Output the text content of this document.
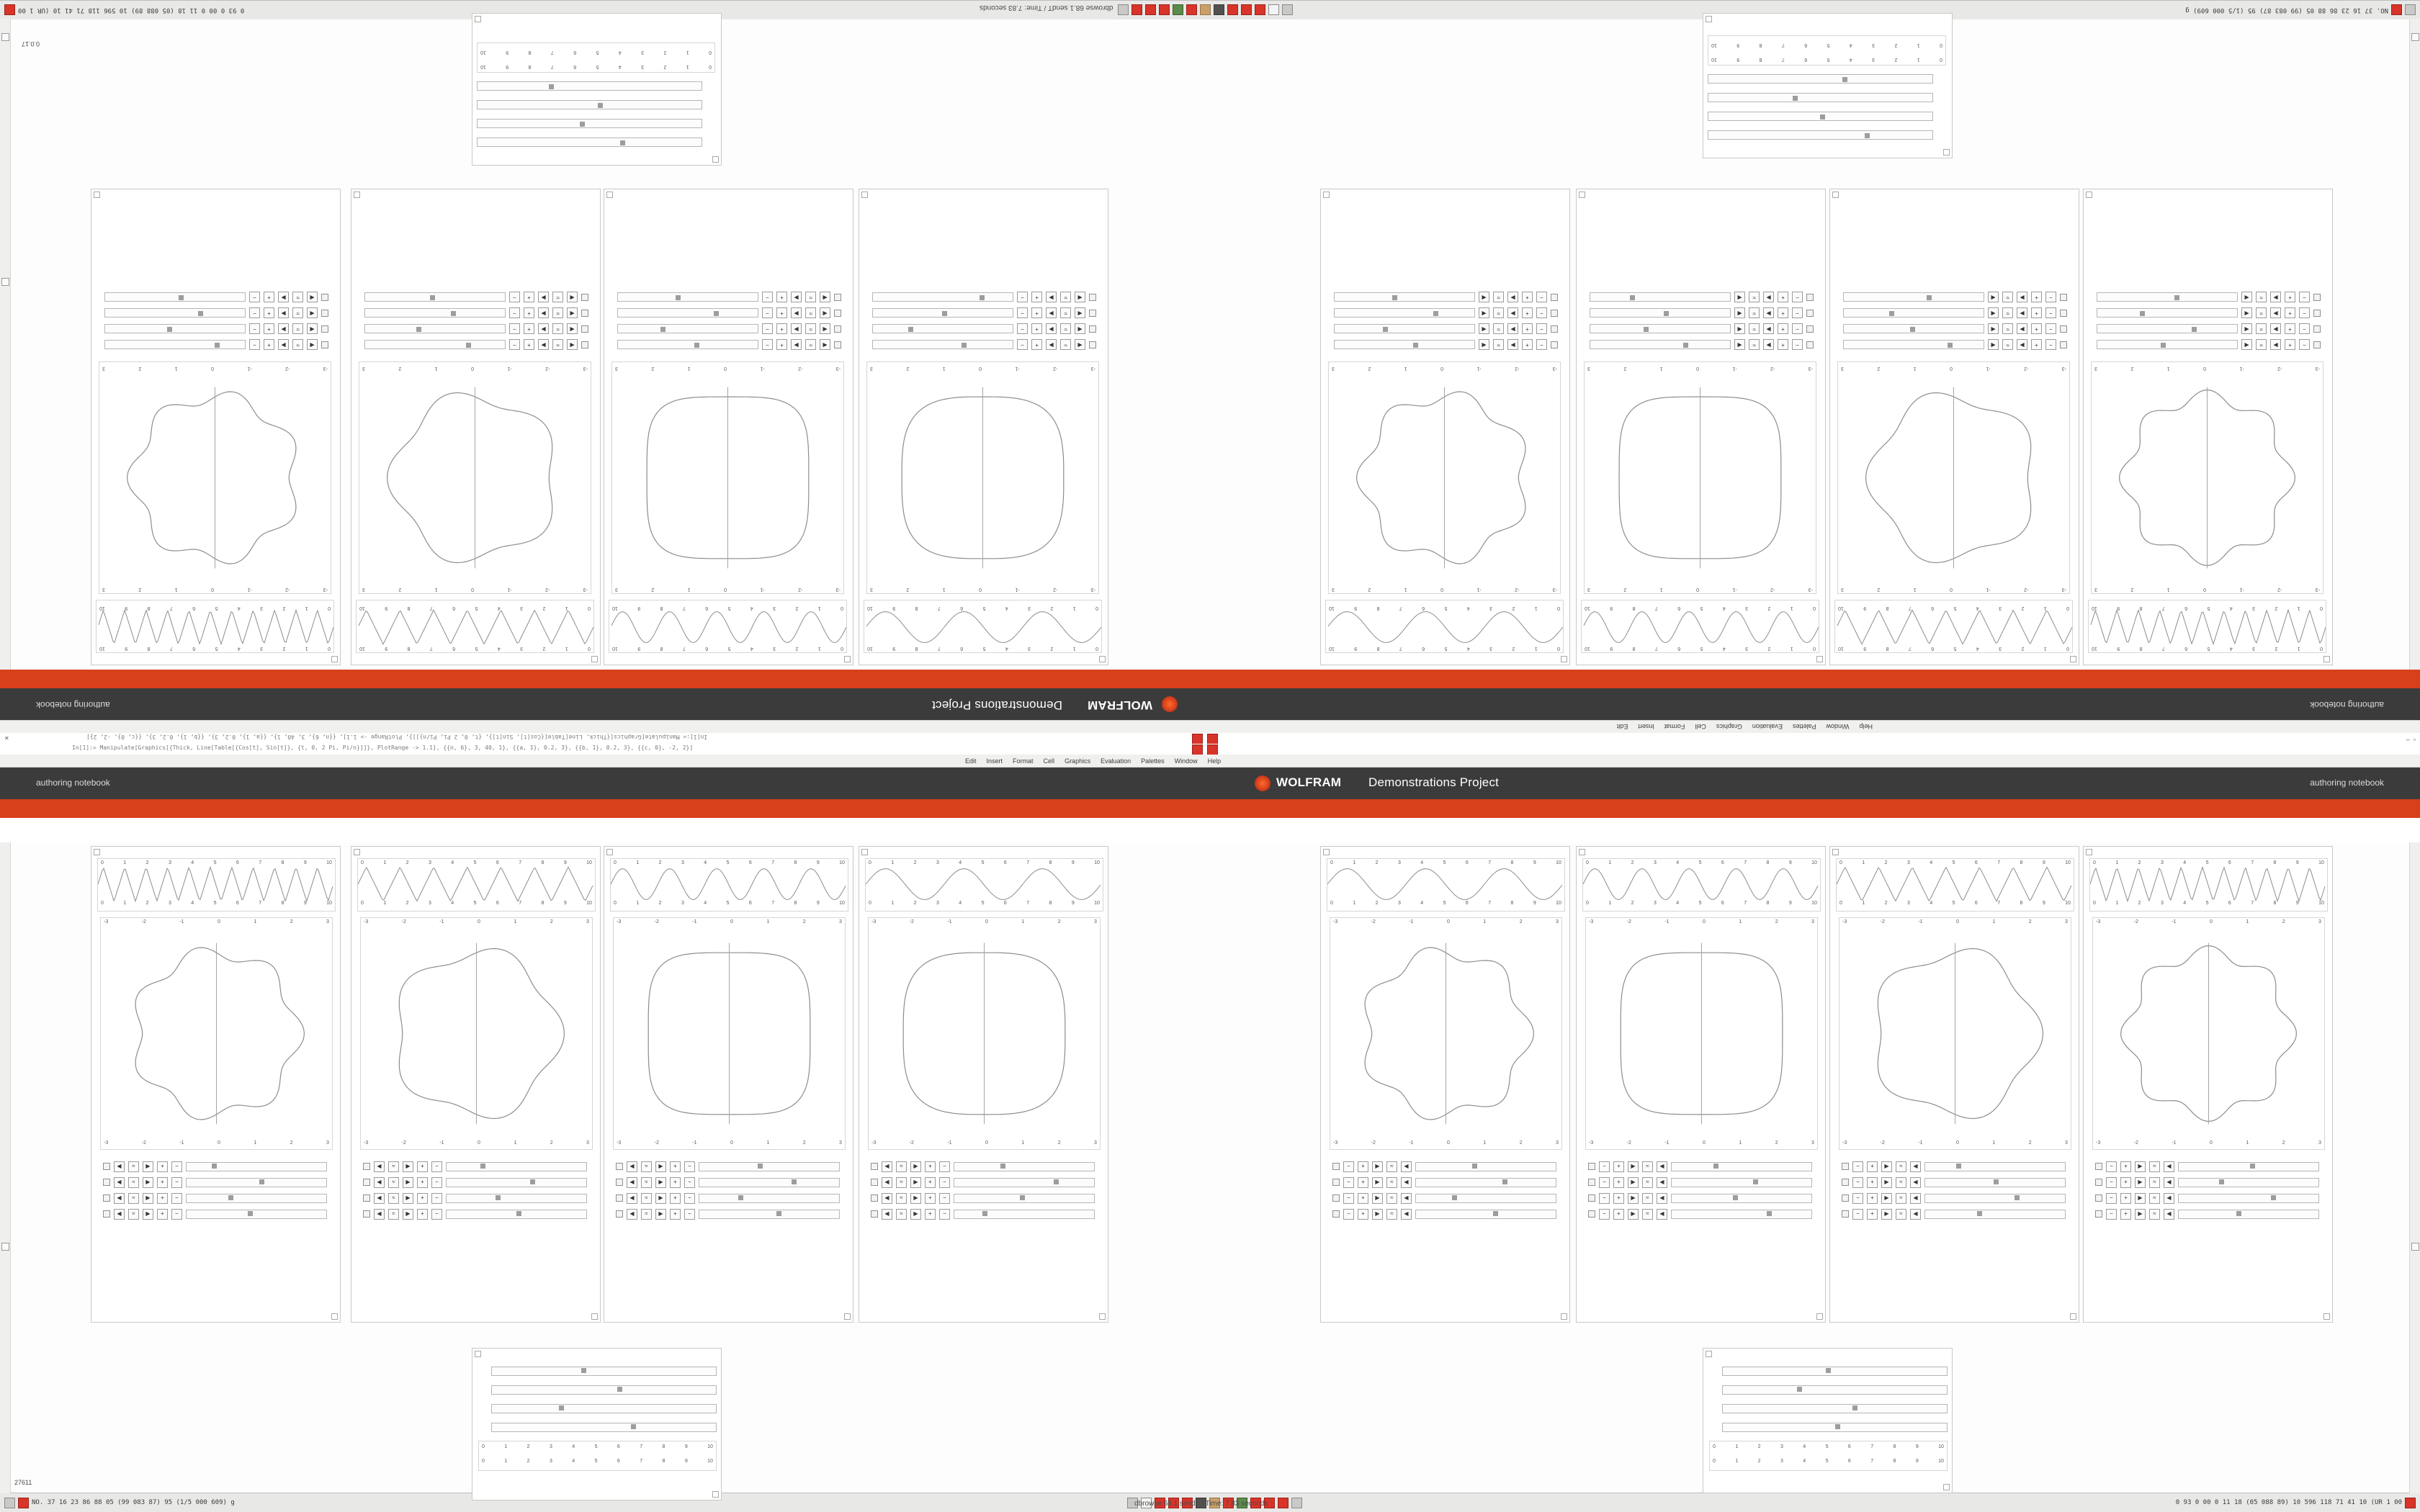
NO. 37 16 23 86 88 05 (99 083 87) 95 (1/5 000 609) g
0 93 0 00 0 11 18 (05 088 89) 10 596 118 71 41 10 (UR 1 00	dbrowse 68.1 sendT / Time: 7.83 seconds
NO. 37 16 23 86 88 05 (99 083 87) 95 (1/5 000 609) g	0 93 0 00 0 11 18 (05 088 89) 10 596 118 71 41 10 (UR 1 00
dbrowse 68.1 sendT / Time: 7.83 seconds
0.0.17
27611
WOLFRAM
Demonstrations Project	authoring notebook
authoring notebook
Help
Window
Palettes
Evaluation
Graphics
Cell
Format
Insert
Edit
In[1]:= Manipulate[Graphics[{Thick, Line[Table[{Cos[t], Sin[t]}, {t, 0, 2 Pi, Pi/n}]]}, PlotRange -> 1.1], {{n, 6}, 3, 40, 1}, {{a, 1}, 0.2, 3}, {{b, 1}, 0.2, 3}, {{c, 0}, -2, 2}]
✕	– ▫
In[1]:= Manipulate[Graphics[{Thick, Line[Table[{Cos[t], Sin[t]}, {t, 0, 2 Pi, Pi/n}]]}, PlotRange -> 1.1], {{n, 6}, 3, 40, 1}, {{a, 1}, 0.2, 3}, {{b, 1}, 0.2, 3}, {{c, 0}, -2, 2}]
Edit Insert Format Cell Graphics Evaluation Palettes Window Help
WOLFRAM Demonstrations Project
authoring notebook	authoring notebook
0
1
2
3
4
5
6
7
8
9
10
0
1
2
3
4
5
6
7
8
9
10
-3
-2
-1
0
1
2
3
-3
-2
-1
0
1
2
3
◀
≈
▶
+
−
◀
≈
▶
+
−
◀
≈
▶
+
−
◀
≈
▶
+
−
0
1
2
3
4
5
6
7
8
9
10
0
1
2
3
4
5
6
7
8
9
10
-3
-2
-1
0
1
2
3
-3
-2
-1
0
1
2
3
◀
≈
▶
+
−
◀
≈
▶
+
−
◀
≈
▶
+
−
◀
≈
▶
+
−
0
1
2
3
4
5
6
7
8
9
10
0
1
2
3
4
5
6
7
8
9
10
-3
-2
-1
0
1
2
3
-3
-2
-1
0
1
2
3
◀
≈
▶
+
−
◀
≈
▶
+
−
◀
≈
▶
+
−
◀
≈
▶
+
−
0
1
2
3
4
5
6
7
8
9
10
0
1
2
3
4
5
6
7
8
9
10
-3
-2
-1
0
1
2
3
-3
-2
-1
0
1
2
3
◀
≈
▶
+
−
◀
≈
▶
+
−
◀
≈
▶
+
−
◀
≈
▶
+
−
0
1
2
3
4
5
6
7
8
9
10
0
1
2
3
4
5
6
7
8
9
10
-3
-2
-1
0
1
2
3
-3
-2
-1
0
1
2
3
−
+
▶
≈
◀
−
+
▶
≈
◀
−
+
▶
≈
◀
−
+
▶
≈
◀
0
1
2
3
4
5
6
7
8
9
10
0
1
2
3
4
5
6
7
8
9
10
-3
-2
-1
0
1
2
3
-3
-2
-1
0
1
2
3
−
+
▶
≈
◀
−
+
▶
≈
◀
−
+
▶
≈
◀
−
+
▶
≈
◀
0
1
2
3
4
5
6
7
8
9
10
0
1
2
3
4
5
6
7
8
9
10
-3
-2
-1
0
1
2
3
-3
-2
-1
0
1
2
3
−
+
▶
≈
◀
−
+
▶
≈
◀
−
+
▶
≈
◀
−
+
▶
≈
◀
0
1
2
3
4
5
6
7
8
9
10
0
1
2
3
4
5
6
7
8
9
10
-3
-2
-1
0
1
2
3
-3
-2
-1
0
1
2
3
−
+
▶
≈
◀
−
+
▶
≈
◀
−
+
▶
≈
◀
−
+
▶
≈
◀
0	1	2	3	4	5	6	7	8	9	10
0	1	2	3	4	5	6	7	8	9	10
-3	-2	-1	0	1	2	3
-3	-2	-1	0	1	2	3
◀	≈	▶	+	−
◀	≈	▶	+	−
◀	≈	▶	+	−
◀	≈	▶	+	−
0	1	2	3	4	5	6	7	8	9	10
0	1	2	3	4	5	6	7	8	9	10
-3	-2	-1	0	1	2	3
-3	-2	-1	0	1	2	3
◀	≈	▶	+	−
◀	≈	▶	+	−
◀	≈	▶	+	−
◀	≈	▶	+	−
0	1	2	3	4	5	6	7	8	9	10
0	1	2	3	4	5	6	7	8	9	10
-3	-2	-1	0	1	2	3
-3	-2	-1	0	1	2	3
◀	≈	▶	+	−
◀	≈	▶	+	−
◀	≈	▶	+	−
◀	≈	▶	+	−
0	1	2	3	4	5	6	7	8	9	10
0	1	2	3	4	5	6	7	8	9	10
-3	-2	-1	0	1	2	3
-3	-2	-1	0	1	2	3
◀	≈	▶	+	−
◀	≈	▶	+	−
◀	≈	▶	+	−
◀	≈	▶	+	−
0	1	2	3	4	5	6	7	8	9	10
0	1	2	3	4	5	6	7	8	9	10
-3	-2	-1	0	1	2	3
-3	-2	-1	0	1	2	3
−	+	▶	≈	◀
−	+	▶	≈	◀
−	+	▶	≈	◀
−	+	▶	≈	◀
0	1	2	3	4	5	6	7	8	9	10
0	1	2	3	4	5	6	7	8	9	10
-3	-2	-1	0	1	2	3
-3	-2	-1	0	1	2	3
−	+	▶	≈	◀
−	+	▶	≈	◀
−	+	▶	≈	◀
−	+	▶	≈	◀
0	1	2	3	4	5	6	7	8	9	10
0	1	2	3	4	5	6	7	8	9	10
-3	-2	-1	0	1	2	3
-3	-2	-1	0	1	2	3
−	+	▶	≈	◀
−	+	▶	≈	◀
−	+	▶	≈	◀
−	+	▶	≈	◀
0	1	2	3	4	5	6	7	8	9	10
0	1	2	3	4	5	6	7	8	9	10
-3	-2	-1	0	1	2	3
-3	-2	-1	0	1	2	3
−	+	▶	≈	◀
−	+	▶	≈	◀
−	+	▶	≈	◀
−	+	▶	≈	◀
0
1
2
3
4
5
6
7
8
9
10
0
1
2
3
4
5
6
7
8
9
10
0
1
2
3
4
5
6
7
8
9
10
0
1
2
3
4
5
6
7
8
9
10
0	1	2	3	4	5	6	7	8	9	10
0	1	2	3	4	5	6	7	8	9	10
0	1	2	3	4	5	6	7	8	9	10
0	1	2	3	4	5	6	7	8	9	10
